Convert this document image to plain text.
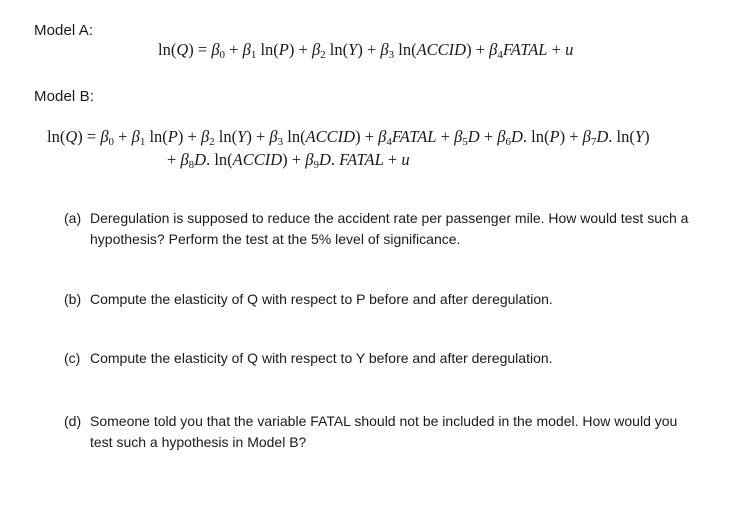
Model A:
$\ln(Q) = \beta_0 + \beta_1$ $\ln(P) + \beta_2$ $\ln(Y) + \beta_3$ ln(ACCID) + $\beta_4FATAL + u$
Model B:
$\ln(Q) = \beta_0 + \beta_1$ $\ln(P) + \beta_2$ $\ln(Y) + \beta_3$ ln(ACCID) + $\beta_4FATAL + \beta_5D + \beta_6D$. $\ln(P) + \beta_7D$. ln(Y)
+ $\beta_8D$. ln(ACCID) + $\beta_9D$. FATAL + u
(a) Deregulation is supposed to reduce the accident rate per passenger mile. How would test such a
hypothesis? Perform the test at the 5% level of significance.
(b) Compute the elasticity of Q with respect to P before and after deregulation.
(c) Compute the elasticity of Q with respect to Y before and after deregulation.
(d) Someone told you that the variable FATAL should not be included in the model. How would you
test such a hypothesis in Model B?
